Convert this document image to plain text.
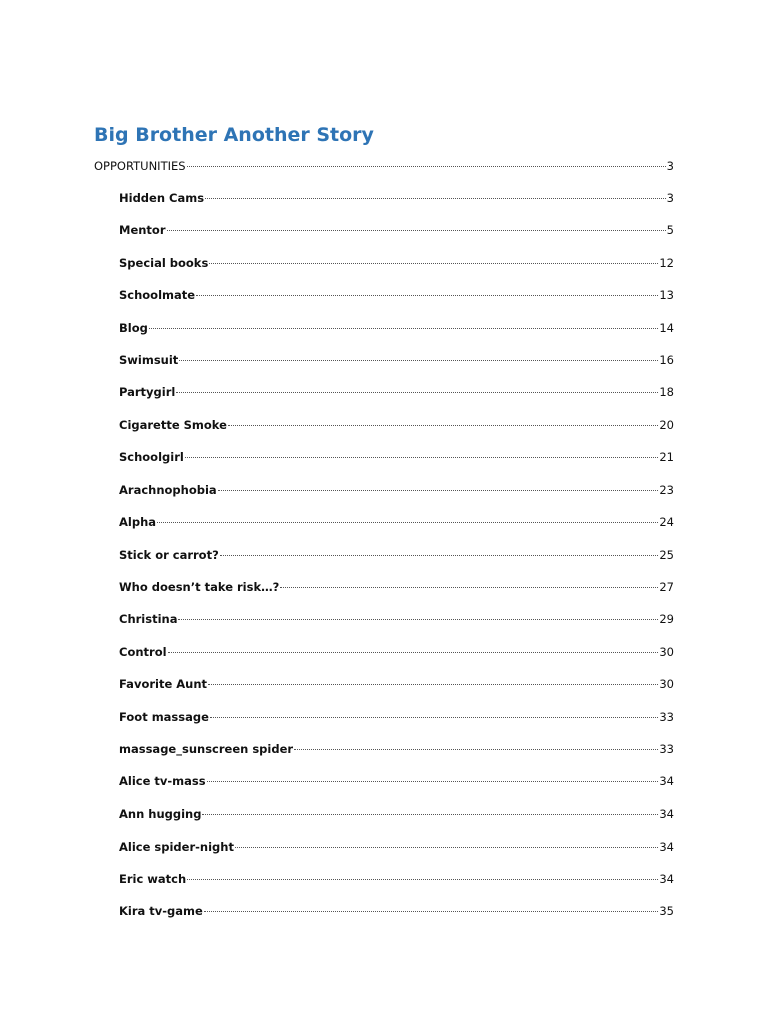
Big Brother Another Story
OPPORTUNITIES	3
Hidden Cams	3
Mentor	5
Special books	12
Schoolmate	13
Blog	14
Swimsuit	16
Partygirl	18
Cigarette Smoke	20
Schoolgirl	21
Arachnophobia	23
Alpha	24
Stick or carrot?	25
Who doesn’t take risk…?	27
Christina	29
Control	30
Favorite Aunt	30
Foot massage	33
massage_sunscreen spider	33
Alice tv-mass	34
Ann hugging	34
Alice spider-night	34
Eric watch	34
Kira tv-game	35
